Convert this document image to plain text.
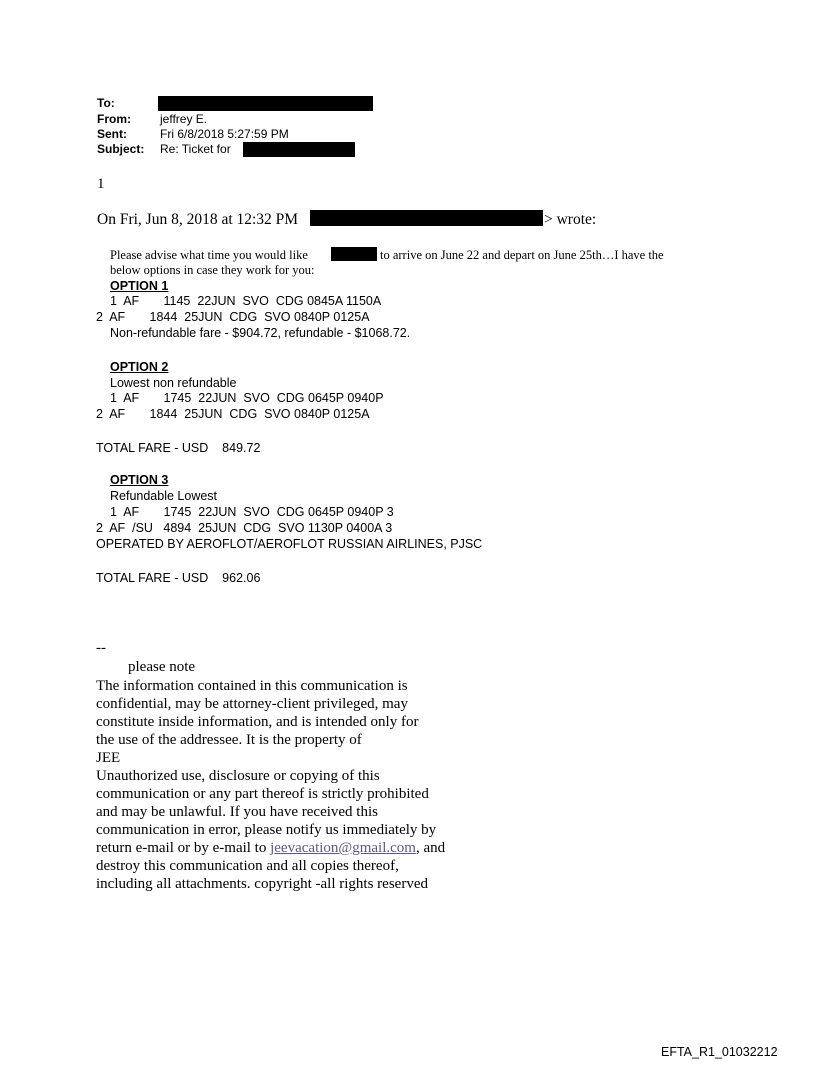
To:
From: jeffrey E.
Sent:	Fri 6/8/2018 5:27:59 PM
Subject: Re: Ticket for
1
On Fri, Jun 8, 2018 at 12:32 PM	> wrote:
Please advise what time you would like	to arrive on June 22 and depart on June 25th…I have the
below options in case they work for you:
OPTION 1
1  AF       1145  22JUN  SVO  CDG 0845A 1150A
2  AF       1844  25JUN  CDG  SVO 0840P 0125A
Non-refundable fare - $904.72, refundable - $1068.72.
OPTION 2
Lowest non refundable
1  AF       1745  22JUN  SVO  CDG 0645P 0940P
2  AF       1844  25JUN  CDG  SVO 0840P 0125A
TOTAL FARE - USD    849.72
OPTION 3
Refundable Lowest
1  AF       1745  22JUN  SVO  CDG 0645P 0940P 3
2  AF  /SU   4894  25JUN  CDG  SVO 1130P 0400A 3
OPERATED BY AEROFLOT/AEROFLOT RUSSIAN AIRLINES, PJSC
TOTAL FARE - USD    962.06
--
please note
The information contained in this communication is
confidential, may be attorney-client privileged, may
constitute inside information, and is intended only for
the use of the addressee. It is the property of
JEE
Unauthorized use, disclosure or copying of this
communication or any part thereof is strictly prohibited
and may be unlawful. If you have received this
communication in error, please notify us immediately by
return e-mail or by e-mail to jeevacation@gmail.com, and
destroy this communication and all copies thereof,
including all attachments. copyright -all rights reserved
EFTA_R1_01032212
